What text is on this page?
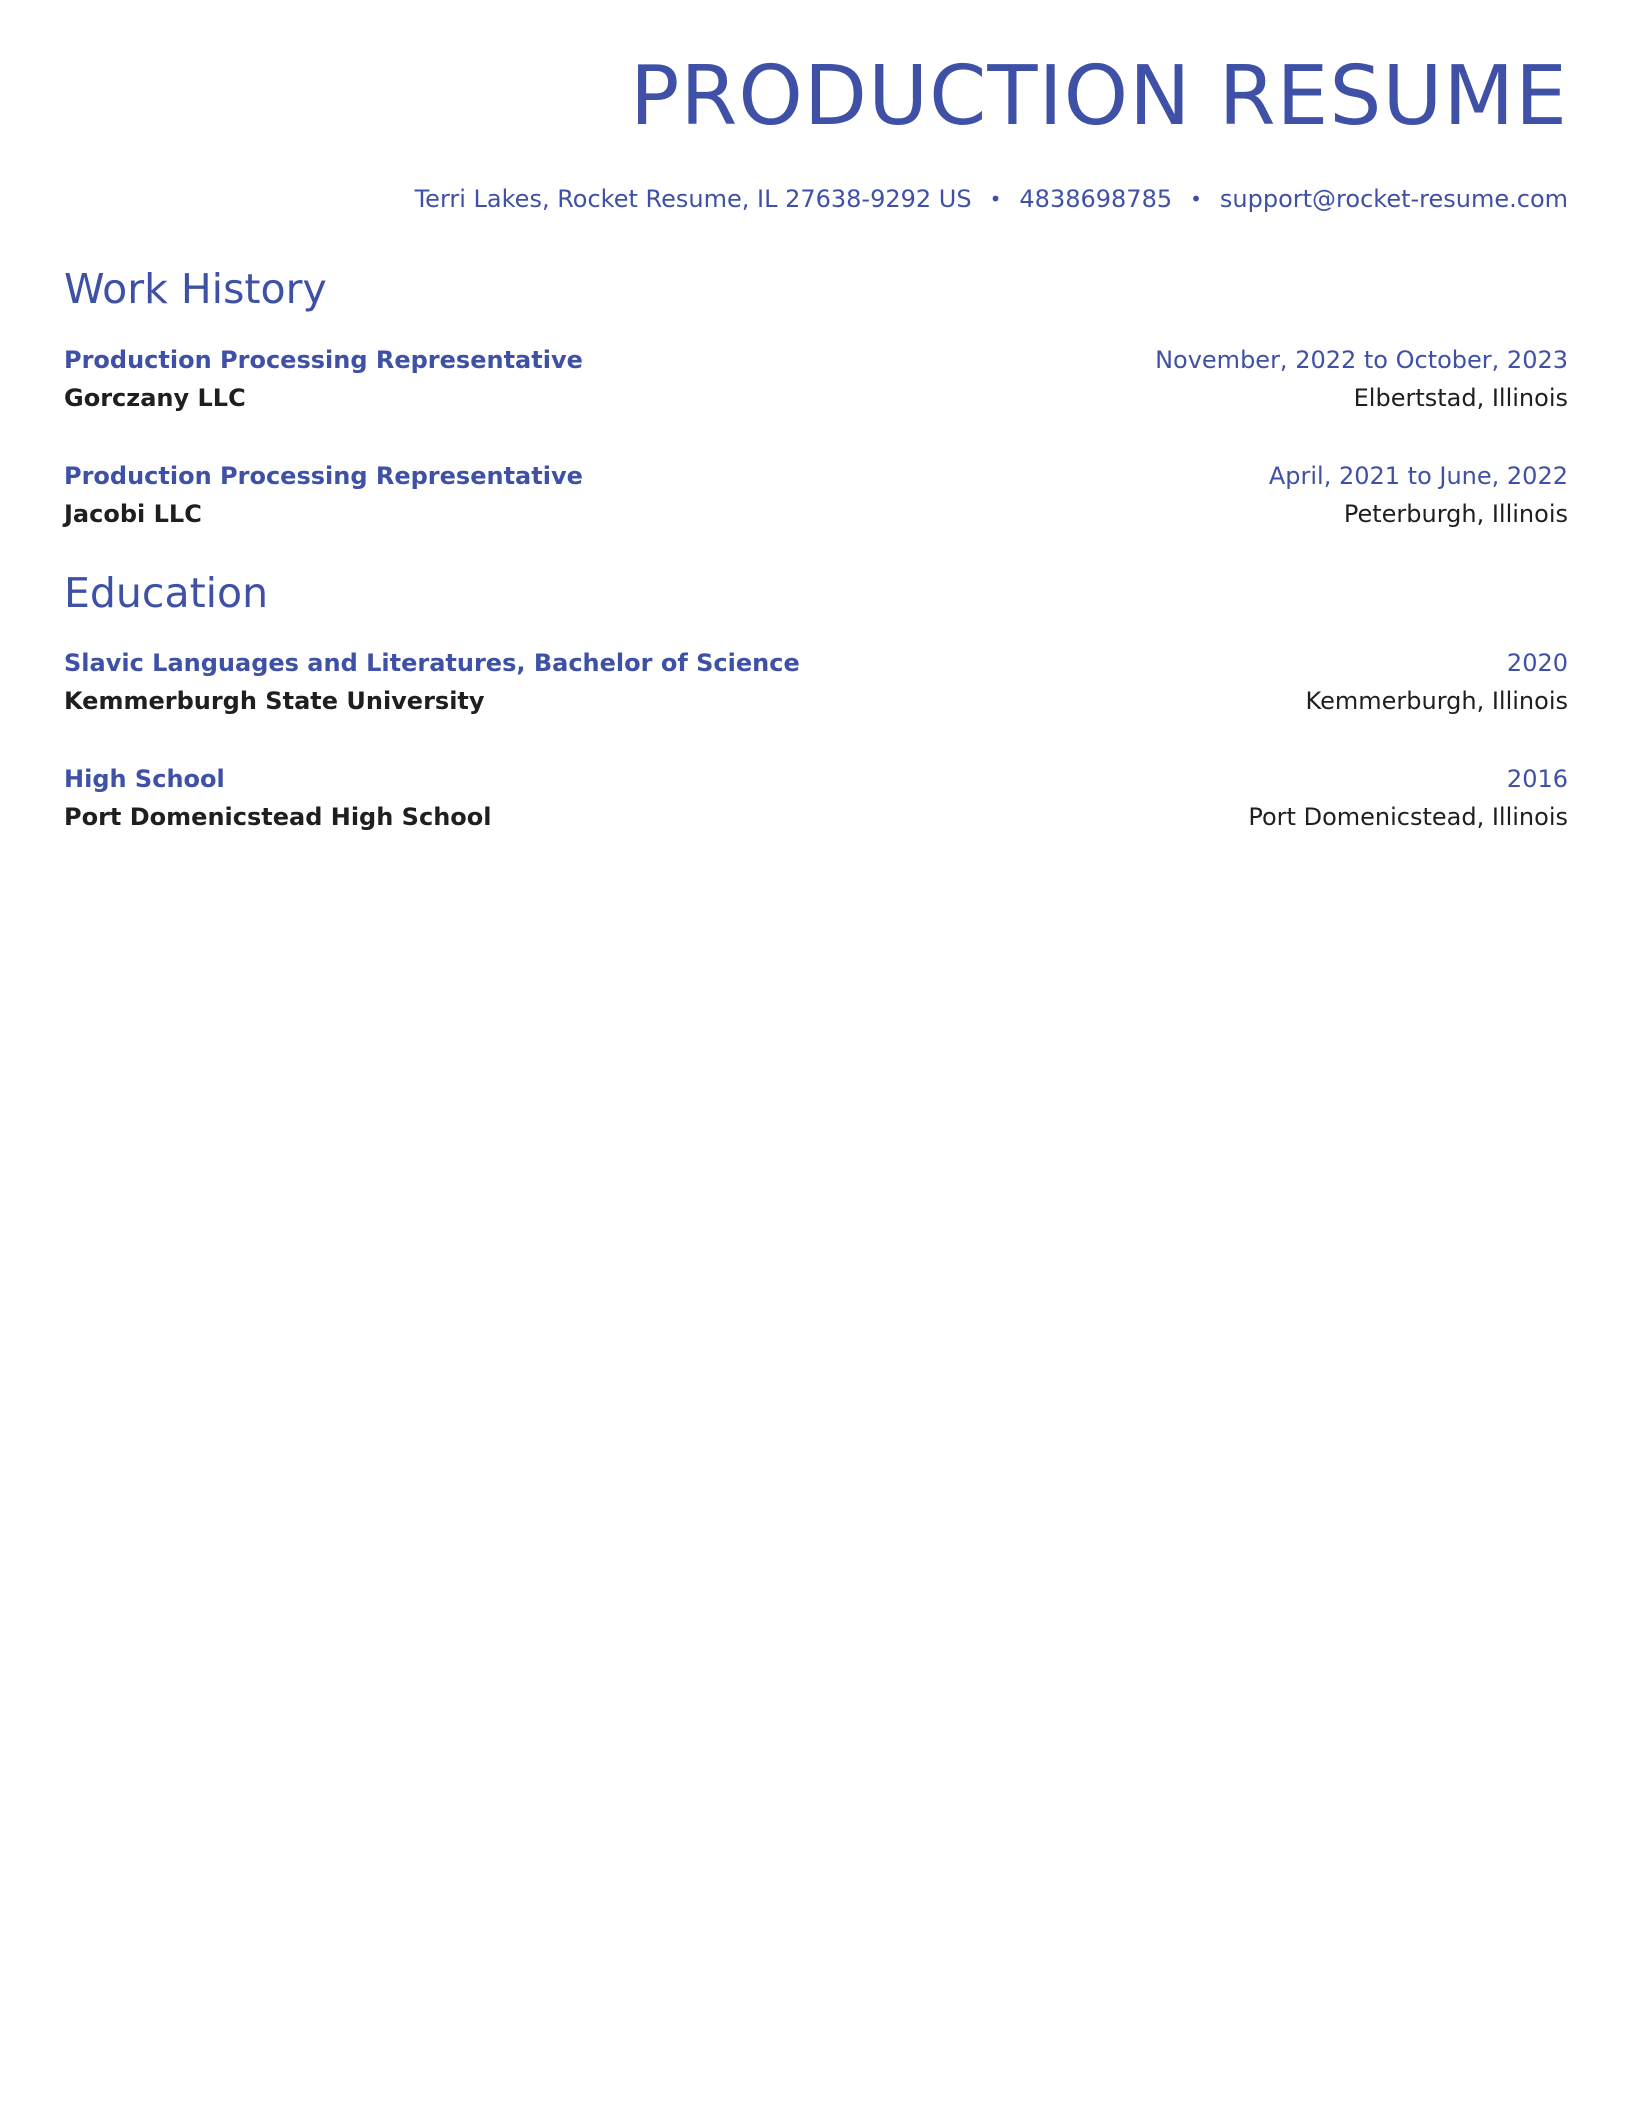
PRODUCTION RESUME
Terri Lakes, Rocket Resume, IL 27638-9292 US • 4838698785 • support@rocket-resume.com
Work History
Production Processing Representative	November, 2022 to October, 2023
Gorczany LLC	Elbertstad, Illinois
Production Processing Representative	April, 2021 to June, 2022
Jacobi LLC	Peterburgh, Illinois
Education
Slavic Languages and Literatures, Bachelor of Science	2020
Kemmerburgh State University	Kemmerburgh, Illinois
High School	2016
Port Domenicstead High School	Port Domenicstead, Illinois
